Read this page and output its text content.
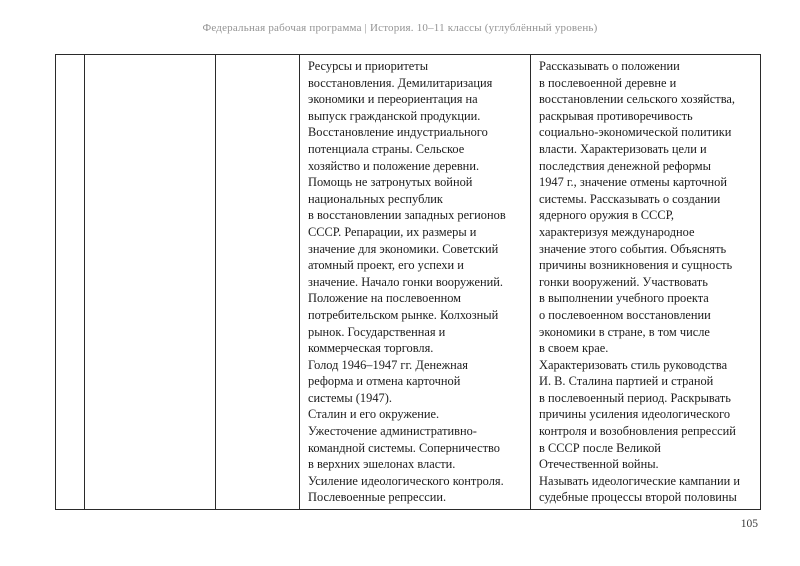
Федеральная рабочая программа | История. 10–11 классы (углублённый уровень)
Ресурсы и приоритеты
восстановления. Демилитаризация
экономики и переориентация на
выпуск гражданской продукции.
Восстановление индустриального
потенциала страны. Сельское
хозяйство и положение деревни.
Помощь не затронутых войной
национальных республик
в восстановлении западных регионов
СССР. Репарации, их размеры и
значение для экономики. Советский
атомный проект, его успехи и
значение. Начало гонки вооружений.
Положение на послевоенном
потребительском рынке. Колхозный
рынок. Государственная и
коммерческая торговля.
Голод 1946–1947 гг. Денежная
реформа и отмена карточной
системы (1947).
Сталин и его окружение.
Ужесточение административно-
командной системы. Соперничество
в верхних эшелонах власти.
Усиление идеологического контроля.
Послевоенные репрессии.
Рассказывать о положении
в послевоенной деревне и
восстановлении сельского хозяйства,
раскрывая противоречивость
социально-экономической политики
власти. Характеризовать цели и
последствия денежной реформы
1947 г., значение отмены карточной
системы. Рассказывать о создании
ядерного оружия в СССР,
характеризуя международное
значение этого события. Объяснять
причины возникновения и сущность
гонки вооружений. Участвовать
в выполнении учебного проекта
о послевоенном восстановлении
экономики в стране, в том числе
в своем крае.
Характеризовать стиль руководства
И. В. Сталина партией и страной
в послевоенный период. Раскрывать
причины усиления идеологического
контроля и возобновления репрессий
в СССР после Великой
Отечественной войны.
Называть идеологические кампании и
судебные процессы второй половины
105
